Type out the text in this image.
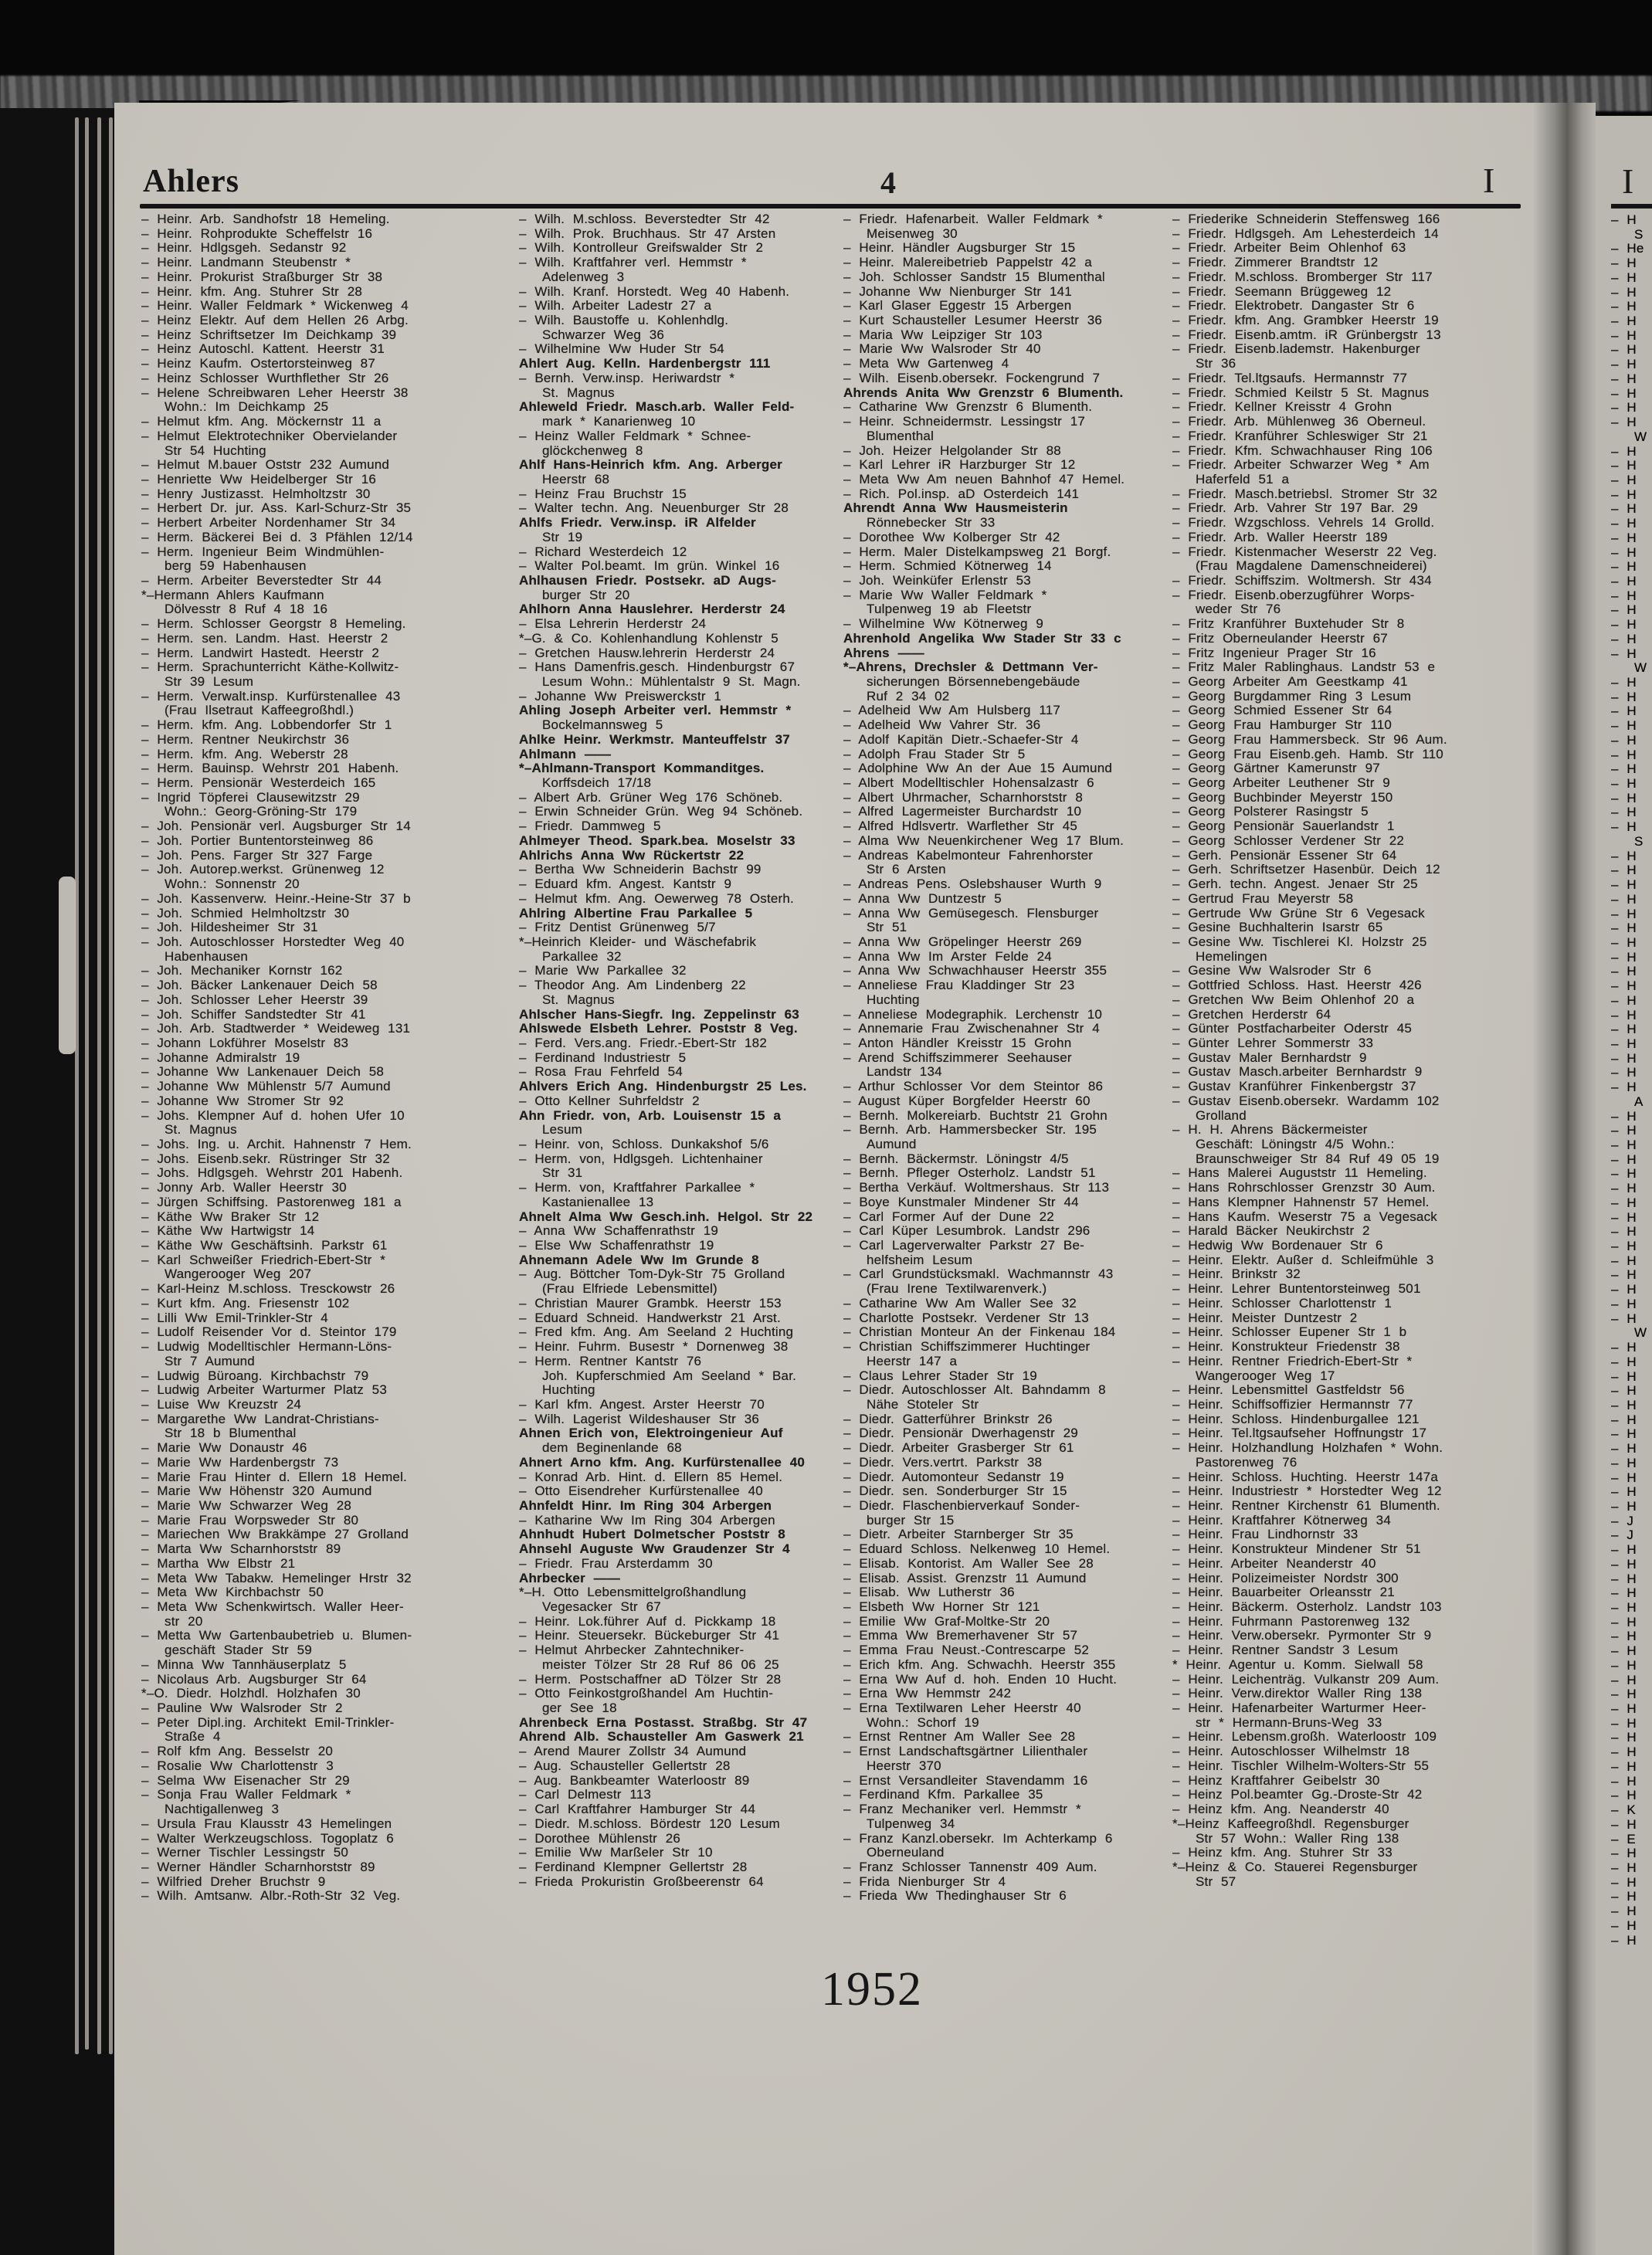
Ahlers	4	I
– Heinr. Arb. Sandhofstr 18 Hemeling.
– Heinr. Rohprodukte Scheffelstr 16
– Heinr. Hdlgsgeh. Sedanstr 92
– Heinr. Landmann Steubenstr *
– Heinr. Prokurist Straßburger Str 38
– Heinr. kfm. Ang. Stuhrer Str 28
– Heinr. Waller Feldmark * Wickenweg 4
– Heinz Elektr. Auf dem Hellen 26 Arbg.
– Heinz Schriftsetzer Im Deichkamp 39
– Heinz Autoschl. Kattent. Heerstr 31
– Heinz Kaufm. Ostertorsteinweg 87
– Heinz Schlosser Wurthflether Str 26
– Helene Schreibwaren Leher Heerstr 38
Wohn.: Im Deichkamp 25
– Helmut kfm. Ang. Möckernstr 11 a
– Helmut Elektrotechniker Obervielander
Str 54 Huchting
– Helmut M.bauer Oststr 232 Aumund
– Henriette Ww Heidelberger Str 16
– Henry Justizasst. Helmholtzstr 30
– Herbert Dr. jur. Ass. Karl-Schurz-Str 35
– Herbert Arbeiter Nordenhamer Str 34
– Herm. Bäckerei Bei d. 3 Pfählen 12/14
– Herm. Ingenieur Beim Windmühlen-
berg 59 Habenhausen
– Herm. Arbeiter Beverstedter Str 44
*–Hermann Ahlers Kaufmann
Dölvesstr 8 Ruf 4 18 16
– Herm. Schlosser Georgstr 8 Hemeling.
– Herm. sen. Landm. Hast. Heerstr 2
– Herm. Landwirt Hastedt. Heerstr 2
– Herm. Sprachunterricht Käthe-Kollwitz-
Str 39 Lesum
– Herm. Verwalt.insp. Kurfürstenallee 43
(Frau Ilsetraut Kaffeegroßhdl.)
– Herm. kfm. Ang. Lobbendorfer Str 1
– Herm. Rentner Neukirchstr 36
– Herm. kfm. Ang. Weberstr 28
– Herm. Bauinsp. Wehrstr 201 Habenh.
– Herm. Pensionär Westerdeich 165
– Ingrid Töpferei Clausewitzstr 29
Wohn.: Georg-Gröning-Str 179
– Joh. Pensionär verl. Augsburger Str 14
– Joh. Portier Buntentorsteinweg 86
– Joh. Pens. Farger Str 327 Farge
– Joh. Autorep.werkst. Grünenweg 12
Wohn.: Sonnenstr 20
– Joh. Kassenverw. Heinr.-Heine-Str 37 b
– Joh. Schmied Helmholtzstr 30
– Joh. Hildesheimer Str 31
– Joh. Autoschlosser Horstedter Weg 40
Habenhausen
– Joh. Mechaniker Kornstr 162
– Joh. Bäcker Lankenauer Deich 58
– Joh. Schlosser Leher Heerstr 39
– Joh. Schiffer Sandstedter Str 41
– Joh. Arb. Stadtwerder * Weideweg 131
– Johann Lokführer Moselstr 83
– Johanne Admiralstr 19
– Johanne Ww Lankenauer Deich 58
– Johanne Ww Mühlenstr 5/7 Aumund
– Johanne Ww Stromer Str 92
– Johs. Klempner Auf d. hohen Ufer 10
St. Magnus
– Johs. Ing. u. Archit. Hahnenstr 7 Hem.
– Johs. Eisenb.sekr. Rüstringer Str 32
– Johs. Hdlgsgeh. Wehrstr 201 Habenh.
– Jonny Arb. Waller Heerstr 30
– Jürgen Schiffsing. Pastorenweg 181 a
– Käthe Ww Braker Str 12
– Käthe Ww Hartwigstr 14
– Käthe Ww Geschäftsinh. Parkstr 61
– Karl Schweißer Friedrich-Ebert-Str *
Wangerooger Weg 207
– Karl-Heinz M.schloss. Tresckowstr 26
– Kurt kfm. Ang. Friesenstr 102
– Lilli Ww Emil-Trinkler-Str 4
– Ludolf Reisender Vor d. Steintor 179
– Ludwig Modelltischler Hermann-Löns-
Str 7 Aumund
– Ludwig Büroang. Kirchbachstr 79
– Ludwig Arbeiter Warturmer Platz 53
– Luise Ww Kreuzstr 24
– Margarethe Ww Landrat-Christians-
Str 18 b Blumenthal
– Marie Ww Donaustr 46
– Marie Ww Hardenbergstr 73
– Marie Frau Hinter d. Ellern 18 Hemel.
– Marie Ww Höhenstr 320 Aumund
– Marie Ww Schwarzer Weg 28
– Marie Frau Worpsweder Str 80
– Mariechen Ww Brakkämpe 27 Grolland
– Marta Ww Scharnhorststr 89
– Martha Ww Elbstr 21
– Meta Ww Tabakw. Hemelinger Hrstr 32
– Meta Ww Kirchbachstr 50
– Meta Ww Schenkwirtsch. Waller Heer-
str 20
– Metta Ww Gartenbaubetrieb u. Blumen-
geschäft Stader Str 59
– Minna Ww Tannhäuserplatz 5
– Nicolaus Arb. Augsburger Str 64
*–O. Diedr. Holzhdl. Holzhafen 30
– Pauline Ww Walsroder Str 2
– Peter Dipl.ing. Architekt Emil-Trinkler-
Straße 4
– Rolf kfm Ang. Besselstr 20
– Rosalie Ww Charlottenstr 3
– Selma Ww Eisenacher Str 29
– Sonja Frau Waller Feldmark *
Nachtigallenweg 3
– Ursula Frau Klausstr 43 Hemelingen
– Walter Werkzeugschloss. Togoplatz 6
– Werner Tischler Lessingstr 50
– Werner Händler Scharnhorststr 89
– Wilfried Dreher Bruchstr 9
– Wilh. Amtsanw. Albr.-Roth-Str 32 Veg.
– Wilh. M.schloss. Beverstedter Str 42
– Wilh. Prok. Bruchhaus. Str 47 Arsten
– Wilh. Kontrolleur Greifswalder Str 2
– Wilh. Kraftfahrer verl. Hemmstr *
Adelenweg 3
– Wilh. Kranf. Horstedt. Weg 40 Habenh.
– Wilh. Arbeiter Ladestr 27 a
– Wilh. Baustoffe u. Kohlenhdlg.
Schwarzer Weg 36
– Wilhelmine Ww Huder Str 54
Ahlert Aug. Kelln. Hardenbergstr 111
– Bernh. Verw.insp. Heriwardstr *
St. Magnus
Ahleweld Friedr. Masch.arb. Waller Feld-
mark * Kanarienweg 10
– Heinz Waller Feldmark * Schnee-
glöckchenweg 8
Ahlf Hans-Heinrich kfm. Ang. Arberger
Heerstr 68
– Heinz Frau Bruchstr 15
– Walter techn. Ang. Neuenburger Str 28
Ahlfs Friedr. Verw.insp. iR Alfelder
Str 19
– Richard Westerdeich 12
– Walter Pol.beamt. Im grün. Winkel 16
Ahlhausen Friedr. Postsekr. aD Augs-
burger Str 20
Ahlhorn Anna Hauslehrer. Herderstr 24
– Elsa Lehrerin Herderstr 24
*–G. & Co. Kohlenhandlung Kohlenstr 5
– Gretchen Hausw.lehrerin Herderstr 24
– Hans Damenfris.gesch. Hindenburgstr 67
Lesum Wohn.: Mühlentalstr 9 St. Magn.
– Johanne Ww Preiswerckstr 1
Ahling Joseph Arbeiter verl. Hemmstr *
Bockelmannsweg 5
Ahlke Heinr. Werkmstr. Manteuffelstr 37
Ahlmann ——
*–Ahlmann-Transport Kommanditges.
Korffsdeich 17/18
– Albert Arb. Grüner Weg 176 Schöneb.
– Erwin Schneider Grün. Weg 94 Schöneb.
– Friedr. Dammweg 5
Ahlmeyer Theod. Spark.bea. Moselstr 33
Ahlrichs Anna Ww Rückertstr 22
– Bertha Ww Schneiderin Bachstr 99
– Eduard kfm. Angest. Kantstr 9
– Helmut kfm. Ang. Oewerweg 78 Osterh.
Ahlring Albertine Frau Parkallee 5
– Fritz Dentist Grünenweg 5/7
*–Heinrich Kleider- und Wäschefabrik
Parkallee 32
– Marie Ww Parkallee 32
– Theodor Ang. Am Lindenberg 22
St. Magnus
Ahlscher Hans-Siegfr. Ing. Zeppelinstr 63
Ahlswede Elsbeth Lehrer. Poststr 8 Veg.
– Ferd. Vers.ang. Friedr.-Ebert-Str 182
– Ferdinand Industriestr 5
– Rosa Frau Fehrfeld 54
Ahlvers Erich Ang. Hindenburgstr 25 Les.
– Otto Kellner Suhrfeldstr 2
Ahn Friedr. von, Arb. Louisenstr 15 a
Lesum
– Heinr. von, Schloss. Dunkakshof 5/6
– Herm. von, Hdlgsgeh. Lichtenhainer
Str 31
– Herm. von, Kraftfahrer Parkallee *
Kastanienallee 13
Ahnelt Alma Ww Gesch.inh. Helgol. Str 22
– Anna Ww Schaffenrathstr 19
– Else Ww Schaffenrathstr 19
Ahnemann Adele Ww Im Grunde 8
– Aug. Böttcher Tom-Dyk-Str 75 Grolland
(Frau Elfriede Lebensmittel)
– Christian Maurer Grambk. Heerstr 153
– Eduard Schneid. Handwerkstr 21 Arst.
– Fred kfm. Ang. Am Seeland 2 Huchting
– Heinr. Fuhrm. Busestr * Dornenweg 38
– Herm. Rentner Kantstr 76
Joh. Kupferschmied Am Seeland * Bar.
Huchting
– Karl kfm. Angest. Arster Heerstr 70
– Wilh. Lagerist Wildeshauser Str 36
Ahnen Erich von, Elektroingenieur Auf
dem Beginenlande 68
Ahnert Arno kfm. Ang. Kurfürstenallee 40
– Konrad Arb. Hint. d. Ellern 85 Hemel.
– Otto Eisendreher Kurfürstenallee 40
Ahnfeldt Hinr. Im Ring 304 Arbergen
– Katharine Ww Im Ring 304 Arbergen
Ahnhudt Hubert Dolmetscher Poststr 8
Ahnsehl Auguste Ww Graudenzer Str 4
– Friedr. Frau Arsterdamm 30
Ahrbecker ——
*–H. Otto Lebensmittelgroßhandlung
Vegesacker Str 67
– Heinr. Lok.führer Auf d. Pickkamp 18
– Heinr. Steuersekr. Bückeburger Str 41
– Helmut Ahrbecker Zahntechniker-
meister Tölzer Str 28 Ruf 86 06 25
– Herm. Postschaffner aD Tölzer Str 28
– Otto Feinkostgroßhandel Am Huchtin-
ger See 18
Ahrenbeck Erna Postasst. Straßbg. Str 47
Ahrend Alb. Schausteller Am Gaswerk 21
– Arend Maurer Zollstr 34 Aumund
– Aug. Schausteller Gellertstr 28
– Aug. Bankbeamter Waterloostr 89
– Carl Delmestr 113
– Carl Kraftfahrer Hamburger Str 44
– Diedr. M.schloss. Bördestr 120 Lesum
– Dorothee Mühlenstr 26
– Emilie Ww Marßeler Str 10
– Ferdinand Klempner Gellertstr 28
– Frieda Prokuristin Großbeerenstr 64
– Friedr. Hafenarbeit. Waller Feldmark *
Meisenweg 30
– Heinr. Händler Augsburger Str 15
– Heinr. Malereibetrieb Pappelstr 42 a
– Joh. Schlosser Sandstr 15 Blumenthal
– Johanne Ww Nienburger Str 141
– Karl Glaser Eggestr 15 Arbergen
– Kurt Schausteller Lesumer Heerstr 36
– Maria Ww Leipziger Str 103
– Marie Ww Walsroder Str 40
– Meta Ww Gartenweg 4
– Wilh. Eisenb.obersekr. Fockengrund 7
Ahrends Anita Ww Grenzstr 6 Blumenth.
– Catharine Ww Grenzstr 6 Blumenth.
– Heinr. Schneidermstr. Lessingstr 17
Blumenthal
– Joh. Heizer Helgolander Str 88
– Karl Lehrer iR Harzburger Str 12
– Meta Ww Am neuen Bahnhof 47 Hemel.
– Rich. Pol.insp. aD Osterdeich 141
Ahrendt Anna Ww Hausmeisterin
Rönnebecker Str 33
– Dorothee Ww Kolberger Str 42
– Herm. Maler Distelkampsweg 21 Borgf.
– Herm. Schmied Kötnerweg 14
– Joh. Weinküfer Erlenstr 53
– Marie Ww Waller Feldmark *
Tulpenweg 19 ab Fleetstr
– Wilhelmine Ww Kötnerweg 9
Ahrenhold Angelika Ww Stader Str 33 c
Ahrens ——
*–Ahrens, Drechsler & Dettmann Ver-
sicherungen Börsennebengebäude
Ruf 2 34 02
– Adelheid Ww Am Hulsberg 117
– Adelheid Ww Vahrer Str. 36
– Adolf Kapitän Dietr.-Schaefer-Str 4
– Adolph Frau Stader Str 5
– Adolphine Ww An der Aue 15 Aumund
– Albert Modelltischler Hohensalzastr 6
– Albert Uhrmacher, Scharnhorststr 8
– Alfred Lagermeister Burchardstr 10
– Alfred Hdlsvertr. Warflether Str 45
– Alma Ww Neuenkirchener Weg 17 Blum.
– Andreas Kabelmonteur Fahrenhorster
Str 6 Arsten
– Andreas Pens. Oslebshauser Wurth 9
– Anna Ww Duntzestr 5
– Anna Ww Gemüsegesch. Flensburger
Str 51
– Anna Ww Gröpelinger Heerstr 269
– Anna Ww Im Arster Felde 24
– Anna Ww Schwachhauser Heerstr 355
– Anneliese Frau Kladdinger Str 23
Huchting
– Anneliese Modegraphik. Lerchenstr 10
– Annemarie Frau Zwischenahner Str 4
– Anton Händler Kreisstr 15 Grohn
– Arend Schiffszimmerer Seehauser
Landstr 134
– Arthur Schlosser Vor dem Steintor 86
– August Küper Borgfelder Heerstr 60
– Bernh. Molkereiarb. Buchtstr 21 Grohn
– Bernh. Arb. Hammersbecker Str. 195
Aumund
– Bernh. Bäckermstr. Löningstr 4/5
– Bernh. Pfleger Osterholz. Landstr 51
– Bertha Verkäuf. Woltmershaus. Str 113
– Boye Kunstmaler Mindener Str 44
– Carl Former Auf der Dune 22
– Carl Küper Lesumbrok. Landstr 296
– Carl Lagerverwalter Parkstr 27 Be-
helfsheim Lesum
– Carl Grundstücksmakl. Wachmannstr 43
(Frau Irene Textilwarenverk.)
– Catharine Ww Am Waller See 32
– Charlotte Postsekr. Verdener Str 13
– Christian Monteur An der Finkenau 184
– Christian Schiffszimmerer Huchtinger
Heerstr 147 a
– Claus Lehrer Stader Str 19
– Diedr. Autoschlosser Alt. Bahndamm 8
Nähe Stoteler Str
– Diedr. Gatterführer Brinkstr 26
– Diedr. Pensionär Dwerhagenstr 29
– Diedr. Arbeiter Grasberger Str 61
– Diedr. Vers.vertrt. Parkstr 38
– Diedr. Automonteur Sedanstr 19
– Diedr. sen. Sonderburger Str 15
– Diedr. Flaschenbierverkauf Sonder-
burger Str 15
– Dietr. Arbeiter Starnberger Str 35
– Eduard Schloss. Nelkenweg 10 Hemel.
– Elisab. Kontorist. Am Waller See 28
– Elisab. Assist. Grenzstr 11 Aumund
– Elisab. Ww Lutherstr 36
– Elsbeth Ww Horner Str 121
– Emilie Ww Graf-Moltke-Str 20
– Emma Ww Bremerhavener Str 57
– Emma Frau Neust.-Contrescarpe 52
– Erich kfm. Ang. Schwachh. Heerstr 355
– Erna Ww Auf d. hoh. Enden 10 Hucht.
– Erna Ww Hemmstr 242
– Erna Textilwaren Leher Heerstr 40
Wohn.: Schorf 19
– Ernst Rentner Am Waller See 28
– Ernst Landschaftsgärtner Lilienthaler
Heerstr 370
– Ernst Versandleiter Stavendamm 16
– Ferdinand Kfm. Parkallee 35
– Franz Mechaniker verl. Hemmstr *
Tulpenweg 34
– Franz Kanzl.obersekr. Im Achterkamp 6
Oberneuland
– Franz Schlosser Tannenstr 409 Aum.
– Frida Nienburger Str 4
– Frieda Ww Thedinghauser Str 6
– Friederike Schneiderin Steffensweg 166
– Friedr. Hdlgsgeh. Am Lehesterdeich 14
– Friedr. Arbeiter Beim Ohlenhof 63
– Friedr. Zimmerer Brandtstr 12
– Friedr. M.schloss. Bromberger Str 117
– Friedr. Seemann Brüggeweg 12
– Friedr. Elektrobetr. Dangaster Str 6
– Friedr. kfm. Ang. Grambker Heerstr 19
– Friedr. Eisenb.amtm. iR Grünbergstr 13
– Friedr. Eisenb.lademstr. Hakenburger
Str 36
– Friedr. Tel.ltgsaufs. Hermannstr 77
– Friedr. Schmied Keilstr 5 St. Magnus
– Friedr. Kellner Kreisstr 4 Grohn
– Friedr. Arb. Mühlenweg 36 Oberneul.
– Friedr. Kranführer Schleswiger Str 21
– Friedr. Kfm. Schwachhauser Ring 106
– Friedr. Arbeiter Schwarzer Weg * Am
Haferfeld 51 a
– Friedr. Masch.betriebsl. Stromer Str 32
– Friedr. Arb. Vahrer Str 197 Bar. 29
– Friedr. Wzgschloss. Vehrels 14 Grolld.
– Friedr. Arb. Waller Heerstr 189
– Friedr. Kistenmacher Weserstr 22 Veg.
(Frau Magdalene Damenschneiderei)
– Friedr. Schiffszim. Woltmersh. Str 434
– Friedr. Eisenb.oberzugführer Worps-
weder Str 76
– Fritz Kranführer Buxtehuder Str 8
– Fritz Oberneulander Heerstr 67
– Fritz Ingenieur Prager Str 16
– Fritz Maler Rablinghaus. Landstr 53 e
– Georg Arbeiter Am Geestkamp 41
– Georg Burgdammer Ring 3 Lesum
– Georg Schmied Essener Str 64
– Georg Frau Hamburger Str 110
– Georg Frau Hammersbeck. Str 96 Aum.
– Georg Frau Eisenb.geh. Hamb. Str 110
– Georg Gärtner Kamerunstr 97
– Georg Arbeiter Leuthener Str 9
– Georg Buchbinder Meyerstr 150
– Georg Polsterer Rasingstr 5
– Georg Pensionär Sauerlandstr 1
– Georg Schlosser Verdener Str 22
– Gerh. Pensionär Essener Str 64
– Gerh. Schriftsetzer Hasenbür. Deich 12
– Gerh. techn. Angest. Jenaer Str 25
– Gertrud Frau Meyerstr 58
– Gertrude Ww Grüne Str 6 Vegesack
– Gesine Buchhalterin Isarstr 65
– Gesine Ww. Tischlerei Kl. Holzstr 25
Hemelingen
– Gesine Ww Walsroder Str 6
– Gottfried Schloss. Hast. Heerstr 426
– Gretchen Ww Beim Ohlenhof 20 a
– Gretchen Herderstr 64
– Günter Postfacharbeiter Oderstr 45
– Günter Lehrer Sommerstr 33
– Gustav Maler Bernhardstr 9
– Gustav Masch.arbeiter Bernhardstr 9
– Gustav Kranführer Finkenbergstr 37
– Gustav Eisenb.obersekr. Wardamm 102
Grolland
– H. H. Ahrens Bäckermeister
Geschäft: Löningstr 4/5 Wohn.:
Braunschweiger Str 84 Ruf 49 05 19
– Hans Malerei Auguststr 11 Hemeling.
– Hans Rohrschlosser Grenzstr 30 Aum.
– Hans Klempner Hahnenstr 57 Hemel.
– Hans Kaufm. Weserstr 75 a Vegesack
– Harald Bäcker Neukirchstr 2
– Hedwig Ww Bordenauer Str 6
– Heinr. Elektr. Außer d. Schleifmühle 3
– Heinr. Brinkstr 32
– Heinr. Lehrer Buntentorsteinweg 501
– Heinr. Schlosser Charlottenstr 1
– Heinr. Meister Duntzestr 2
– Heinr. Schlosser Eupener Str 1 b
– Heinr. Konstrukteur Friedenstr 38
– Heinr. Rentner Friedrich-Ebert-Str *
Wangerooger Weg 17
– Heinr. Lebensmittel Gastfeldstr 56
– Heinr. Schiffsoffizier Hermannstr 77
– Heinr. Schloss. Hindenburgallee 121
– Heinr. Tel.ltgsaufseher Hoffnungstr 17
– Heinr. Holzhandlung Holzhafen * Wohn.
Pastorenweg 76
– Heinr. Schloss. Huchting. Heerstr 147a
– Heinr. Industriestr * Horstedter Weg 12
– Heinr. Rentner Kirchenstr 61 Blumenth.
– Heinr. Kraftfahrer Kötnerweg 34
– Heinr. Frau Lindhornstr 33
– Heinr. Konstrukteur Mindener Str 51
– Heinr. Arbeiter Neanderstr 40
– Heinr. Polizeimeister Nordstr 300
– Heinr. Bauarbeiter Orleansstr 21
– Heinr. Bäckerm. Osterholz. Landstr 103
– Heinr. Fuhrmann Pastorenweg 132
– Heinr. Verw.obersekr. Pyrmonter Str 9
– Heinr. Rentner Sandstr 3 Lesum
* Heinr. Agentur u. Komm. Sielwall 58
– Heinr. Leichenträg. Vulkanstr 209 Aum.
– Heinr. Verw.direktor Waller Ring 138
– Heinr. Hafenarbeiter Warturmer Heer-
str * Hermann-Bruns-Weg 33
– Heinr. Lebensm.großh. Waterloostr 109
– Heinr. Autoschlosser Wilhelmstr 18
– Heinr. Tischler Wilhelm-Wolters-Str 55
– Heinz Kraftfahrer Geibelstr 30
– Heinz Pol.beamter Gg.-Droste-Str 42
– Heinz kfm. Ang. Neanderstr 40
*–Heinz Kaffeegroßhdl. Regensburger
Str 57 Wohn.: Waller Ring 138
– Heinz kfm. Ang. Stuhrer Str 33
*–Heinz & Co. Stauerei Regensburger
Str 57
1952
I
– H
S
– He
– H
– H
– H
– H
– H
– H
– H
– H
– H
– H
– H
– H
W
– H
– H
– H
– H
– H
– H
– H
– H
– H
– H
– H
– H
– H
– H
– H
W
– H
– H
– H
– H
– H
– H
– H
– H
– H
– H
– H
S
– H
– H
– H
– H
– H
– H
– H
– H
– H
– H
– H
– H
– H
– H
– H
– H
– H
A
– H
– H
– H
– H
– H
– H
– H
– H
– H
– H
– H
– H
– H
– H
– H
W
– H
– H
– H
– H
– H
– H
– H
– H
– H
– H
– H
– H
– J
– J
– H
– H
– H
– H
– H
– H
– H
– H
– H
– H
– H
– H
– H
– H
– H
– H
– H
– H
– K
– H
– E
– H
– H
– H
– H
– H
– H
– H
